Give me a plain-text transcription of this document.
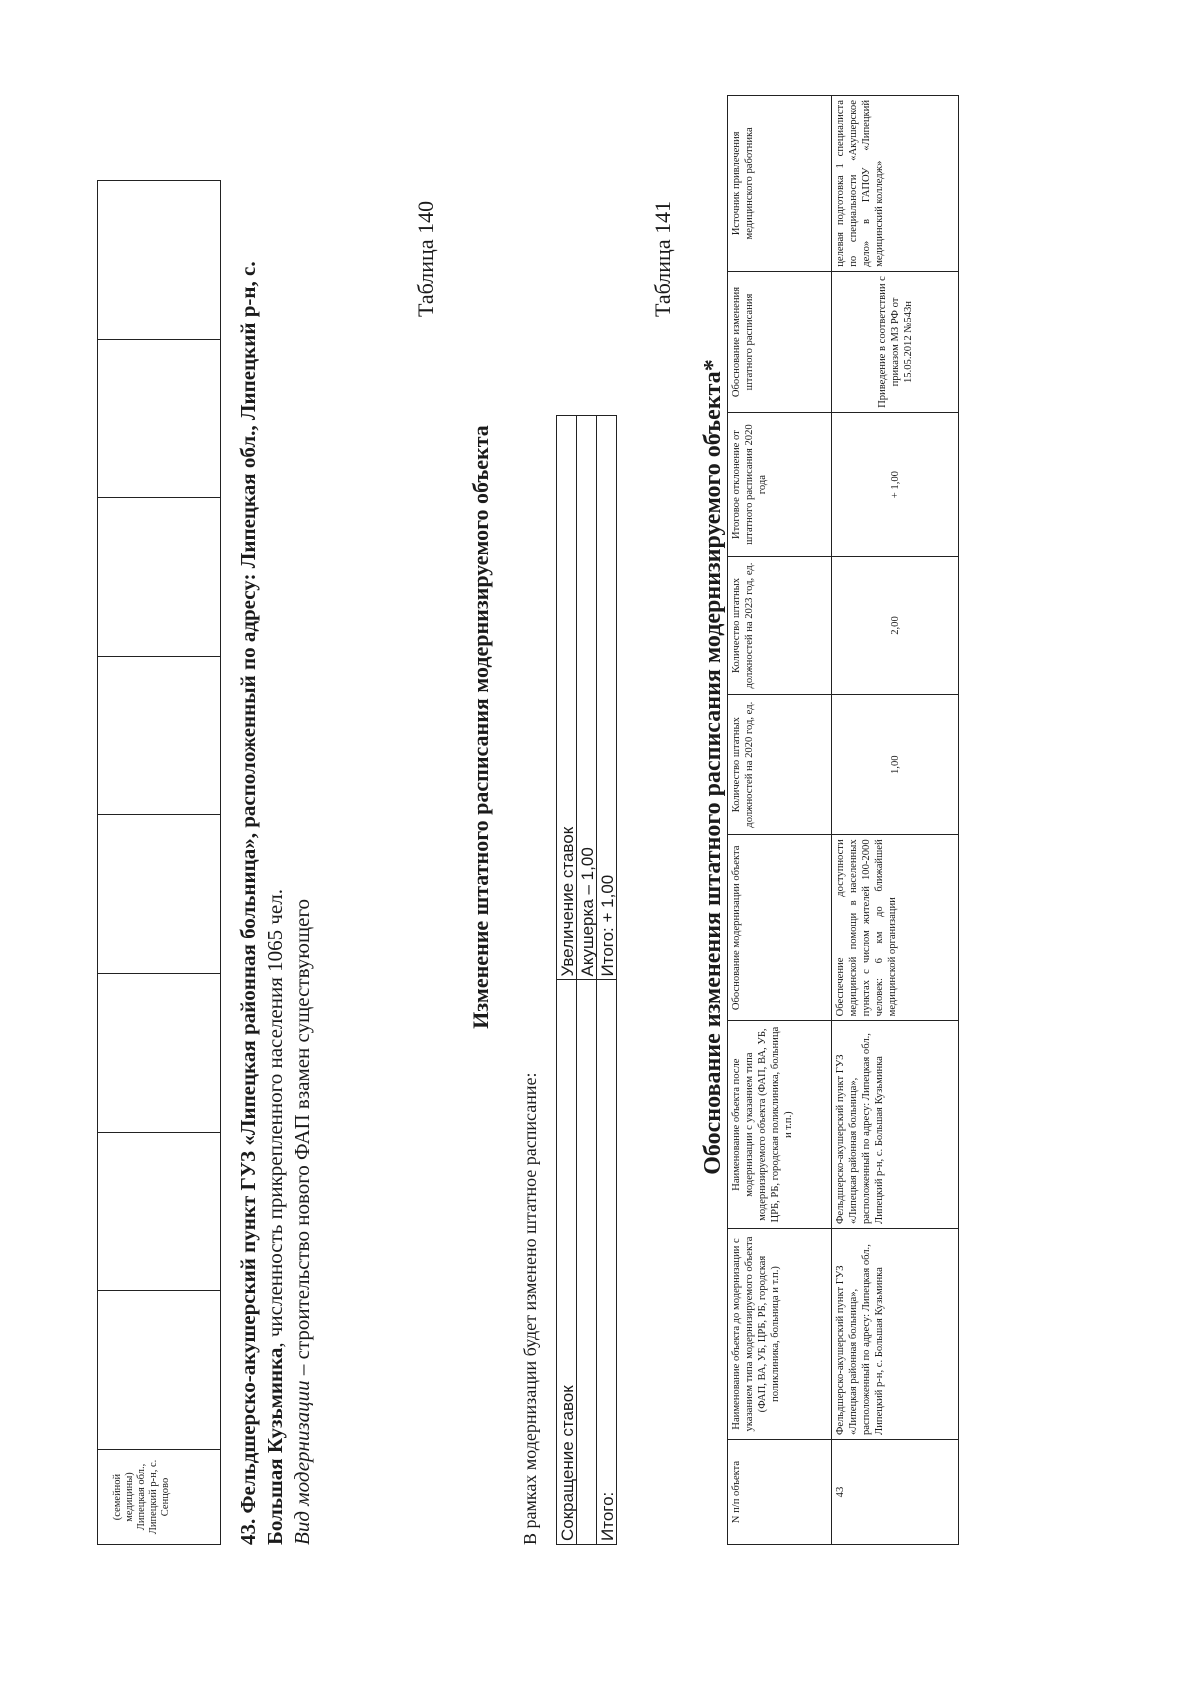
(семейной медицины) Липецкая обл., Липецкий р-н, с. Сенцово								
43. Фельдшерско-акушерский пункт ГУЗ «Липецкая районная больница», расположенный по адресу: Липецкая обл., Липецкий р-н, с. Большая Кузьминка, численность прикрепленного населения 1065 чел.
Вид модернизации – строительство нового ФАП взамен существующего
Таблица 140
Изменение штатного расписания модернизируемого объекта
В рамках модернизации будет изменено штатное расписание: Сокращение ставок	Увеличение ставок
	Акушерка – 1,00
Итого:	Итого: + 1,00
Таблица 141
Обоснование изменения штатного расписания модернизируемого объекта*
N п/п объекта	Наименование объекта до модернизации с указанием типа модернизируемого объекта (ФАП, ВА, УБ, ЦРБ, РБ, городская поликлиника, больница и т.п.)	Наименование объекта после модернизации с указанием типа модернизируемого объекта (ФАП, ВА, УБ, ЦРБ, РБ, городская поликлиника, больница и т.п.)	Обоснование модернизации объекта	Количество штатных должностей на 2020 год, ед.	Количество штатных должностей на 2023 год, ед.	Итоговое отклонение от штатного расписания 2020 года	Обоснование изменения штатного расписания	Источник привлечения медицинского работника
43	Фельдшерско-акушерский пункт ГУЗ «Липецкая районная больница», расположенный по адресу: Липецкая обл., Липецкий р-н, с. Большая Кузьминка	Фельдшерско-акушерский пункт ГУЗ «Липецкая районная больница», расположенный по адресу: Липецкая обл., Липецкий р-н, с. Большая Кузьминка	Обеспечение доступности медицинской помощи в населенных пунктах с числом жителей 100-2000 человек: 6 км до ближайшей медицинской организации	1,00	2,00	+ 1,00	Приведение в соответствии с приказом МЗ РФ от 15.05.2012 №543н	целевая подготовка 1 специалиста по специальности «Акушерское дело» в ГАПОУ «Липецкий медицинский колледж»
